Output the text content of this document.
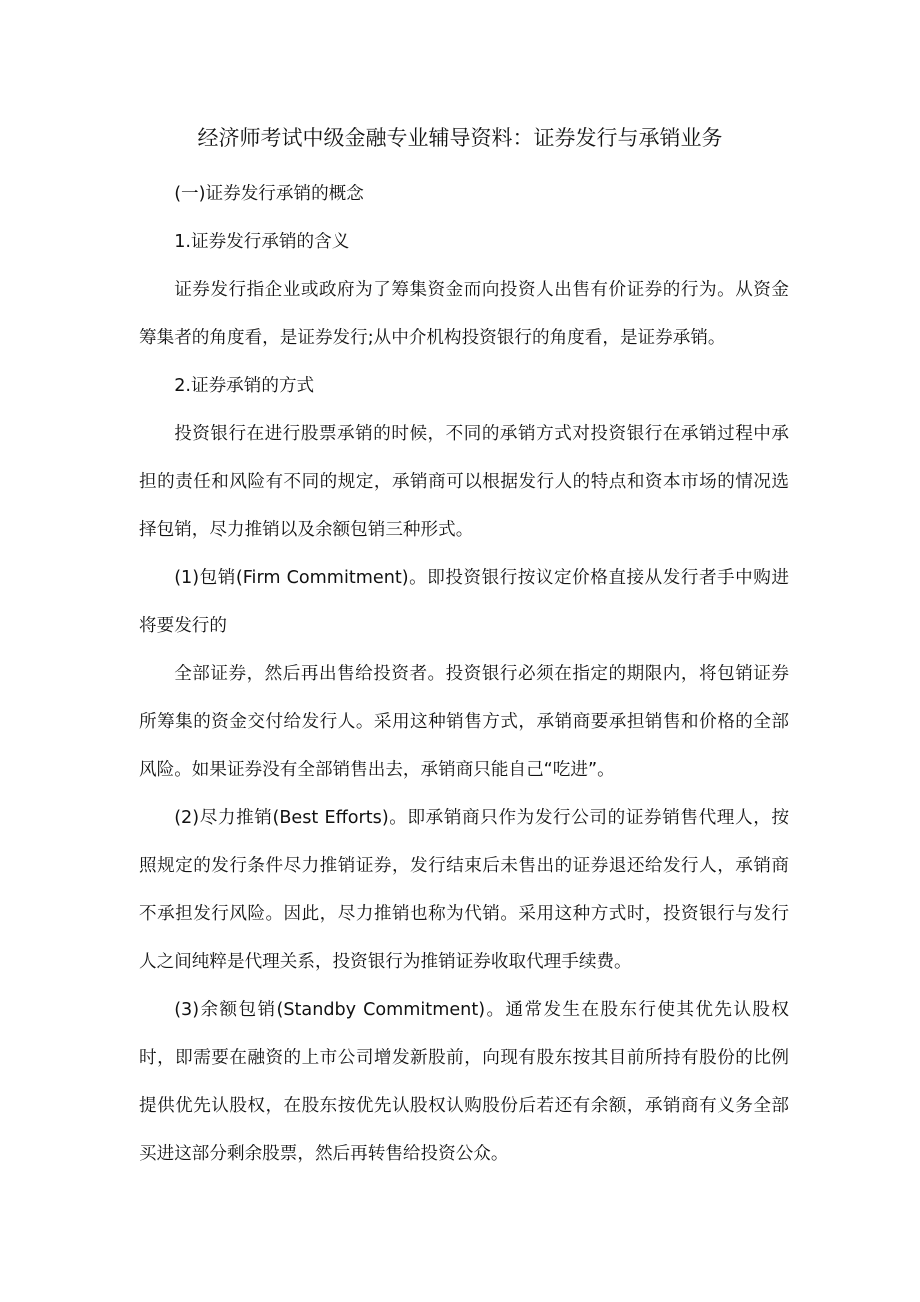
经济师考试中级金融专业辅导资料：证券发行与承销业务

(一)证券发行承销的概念

1.证券发行承销的含义

证券发行指企业或政府为了筹集资金而向投资人出售有价证券的行为。从资金筹集者的角度看，是证券发行;从中介机构投资银行的角度看，是证券承销。

2.证券承销的方式

投资银行在进行股票承销的时候，不同的承销方式对投资银行在承销过程中承担的责任和风险有不同的规定，承销商可以根据发行人的特点和资本市场的情况选择包销，尽力推销以及余额包销三种形式。

(1)包销(Firm Commitment)。即投资银行按议定价格直接从发行者手中购进将要发行的

全部证券，然后再出售给投资者。投资银行必须在指定的期限内，将包销证券所筹集的资金交付给发行人。采用这种销售方式，承销商要承担销售和价格的全部风险。如果证券没有全部销售出去，承销商只能自己“吃进”。

(2)尽力推销(Best Efforts)。即承销商只作为发行公司的证券销售代理人，按照规定的发行条件尽力推销证券，发行结束后未售出的证券退还给发行人，承销商不承担发行风险。因此，尽力推销也称为代销。采用这种方式时，投资银行与发行人之间纯粹是代理关系，投资银行为推销证券收取代理手续费。

(3)余额包销(Standby Commitment)。通常发生在股东行使其优先认股权时，即需要在融资的上市公司增发新股前，向现有股东按其目前所持有股份的比例提供优先认股权，在股东按优先认股权认购股份后若还有余额，承销商有义务全部买进这部分剩余股票，然后再转售给投资公众。
